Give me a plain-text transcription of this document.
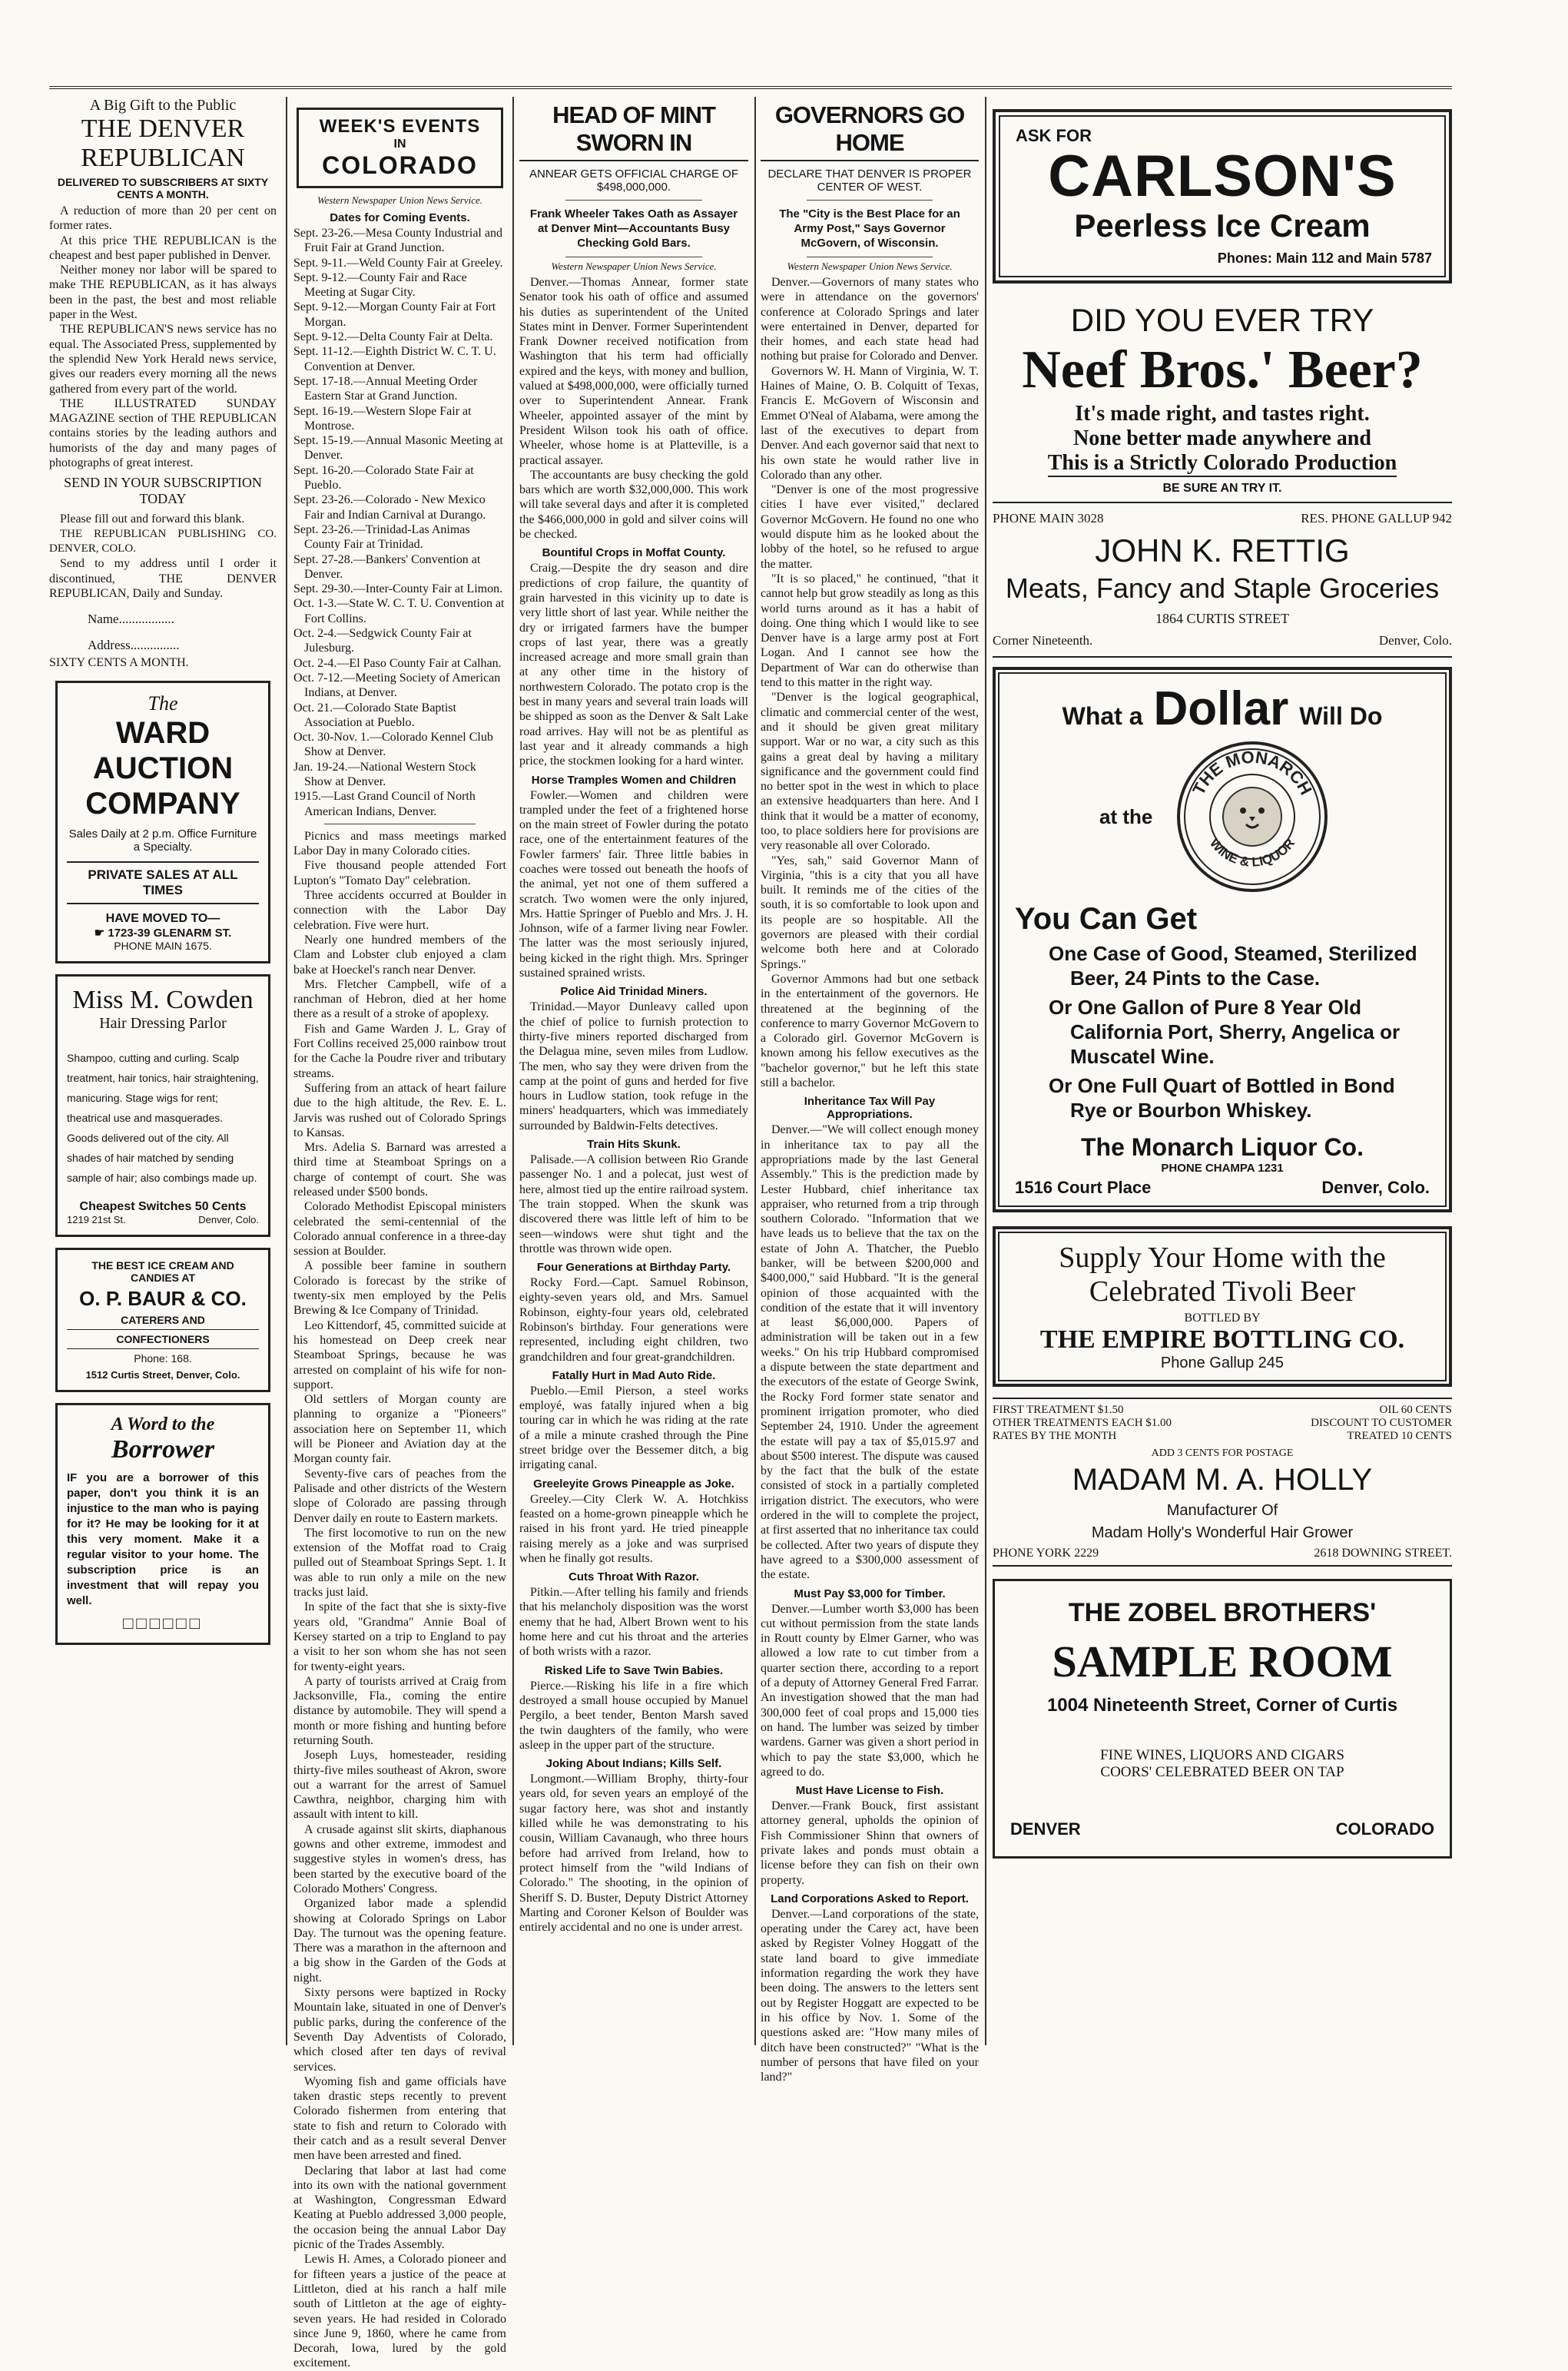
A Big Gift to the Public
THE DENVER
REPUBLICAN
DELIVERED TO SUBSCRIBERS AT SIXTY CENTS A MONTH.

A reduction of more than 20 per cent on former rates.

At this price THE REPUBLICAN is the cheapest and best paper published in Denver.

Neither money nor labor will be spared to make THE REPUBLICAN, as it has always been in the past, the best and most reliable paper in the West.

THE REPUBLICAN'S news service has no equal. The Associated Press, supplemented by the splendid New York Herald news service, gives our readers every morning all the news gathered from every part of the world.

THE ILLUSTRATED SUNDAY MAGAZINE section of THE REPUBLICAN contains stories by the leading authors and humorists of the day and many pages of photographs of great interest.

SEND IN YOUR SUBSCRIPTION TODAY

Please fill out and forward this blank.

THE REPUBLICAN PUBLISHING CO. DENVER, COLO.

Send to my address until I order it discontinued, THE DENVER REPUBLICAN, Daily and Sunday.

Name.................
Address...............
SIXTY CENTS A MONTH.
The
WARD AUCTION COMPANY
Sales Daily at 2 p.m. Office Furniture a Specialty.
PRIVATE SALES AT ALL TIMES
HAVE MOVED TO—
☛ 1723-39 GLENARM ST.
PHONE MAIN 1675.
Miss M. Cowden
Hair Dressing Parlor

Shampoo, cutting and curling. Scalp treatment, hair tonics, hair straightening, manicuring. Stage wigs for rent; theatrical use and masquerades.

Goods delivered out of the city. All shades of hair matched by sending sample of hair; also combings made up.

Cheapest Switches 50 Cents
1219 21st St.	Denver, Colo.
THE BEST ICE CREAM AND CANDIES AT
O. P. BAUR & CO.
CATERERS AND
CONFECTIONERS
Phone: 168.
1512 Curtis Street, Denver, Colo.
A Word to the
Borrower

IF you are a borrower of this paper, don't you think it is an injustice to the man who is paying for it? He may be looking for it at this very moment. Make it a regular visitor to your home. The subscription price is an investment that will repay you well.

□□□□□□
WEEK'S EVENTS
IN
COLORADO
Western Newspaper Union News Service.
Dates for Coming Events.
Sept. 23-26.—Mesa County Industrial and Fruit Fair at Grand Junction.
Sept. 9-11.—Weld County Fair at Greeley.
Sept. 9-12.—County Fair and Race Meeting at Sugar City.
Sept. 9-12.—Morgan County Fair at Fort Morgan.
Sept. 9-12.—Delta County Fair at Delta.
Sept. 11-12.—Eighth District W. C. T. U. Convention at Denver.
Sept. 17-18.—Annual Meeting Order Eastern Star at Grand Junction.
Sept. 16-19.—Western Slope Fair at Montrose.
Sept. 15-19.—Annual Masonic Meeting at Denver.
Sept. 16-20.—Colorado State Fair at Pueblo.
Sept. 23-26.—Colorado - New Mexico Fair and Indian Carnival at Durango.
Sept. 23-26.—Trinidad-Las Animas County Fair at Trinidad.
Sept. 27-28.—Bankers' Convention at Denver.
Sept. 29-30.—Inter-County Fair at Limon.
Oct. 1-3.—State W. C. T. U. Convention at Fort Collins.
Oct. 2-4.—Sedgwick County Fair at Julesburg.
Oct. 2-4.—El Paso County Fair at Calhan.
Oct. 7-12.—Meeting Society of American Indians, at Denver.
Oct. 21.—Colorado State Baptist Association at Pueblo.
Oct. 30-Nov. 1.—Colorado Kennel Club Show at Denver.
Jan. 19-24.—National Western Stock Show at Denver.
1915.—Last Grand Council of North American Indians, Denver.

Picnics and mass meetings marked Labor Day in many Colorado cities.

Five thousand people attended Fort Lupton's "Tomato Day" celebration.

Three accidents occurred at Boulder in connection with the Labor Day celebration. Five were hurt.

Nearly one hundred members of the Clam and Lobster club enjoyed a clam bake at Hoeckel's ranch near Denver.

Mrs. Fletcher Campbell, wife of a ranchman of Hebron, died at her home there as a result of a stroke of apoplexy.

Fish and Game Warden J. L. Gray of Fort Collins received 25,000 rainbow trout for the Cache la Poudre river and tributary streams.

Suffering from an attack of heart failure due to the high altitude, the Rev. E. L. Jarvis was rushed out of Colorado Springs to Kansas.

Mrs. Adelia S. Barnard was arrested a third time at Steamboat Springs on a charge of contempt of court. She was released under $500 bonds.

Colorado Methodist Episcopal ministers celebrated the semi-centennial of the Colorado annual conference in a three-day session at Boulder.

A possible beer famine in southern Colorado is forecast by the strike of twenty-six men employed by the Pelis Brewing & Ice Company of Trinidad.

Leo Kittendorf, 45, committed suicide at his homestead on Deep creek near Steamboat Springs, because he was arrested on complaint of his wife for non-support.

Old settlers of Morgan county are planning to organize a "Pioneers" association here on September 11, which will be Pioneer and Aviation day at the Morgan county fair.

Seventy-five cars of peaches from the Palisade and other districts of the Western slope of Colorado are passing through Denver daily en route to Eastern markets.

The first locomotive to run on the new extension of the Moffat road to Craig pulled out of Steamboat Springs Sept. 1. It was able to run only a mile on the new tracks just laid.

In spite of the fact that she is sixty-five years old, "Grandma" Annie Boal of Kersey started on a trip to England to pay a visit to her son whom she has not seen for twenty-eight years.

A party of tourists arrived at Craig from Jacksonville, Fla., coming the entire distance by automobile. They will spend a month or more fishing and hunting before returning South.

Joseph Luys, homesteader, residing thirty-five miles southeast of Akron, swore out a warrant for the arrest of Samuel Cawthra, neighbor, charging him with assault with intent to kill.

A crusade against slit skirts, diaphanous gowns and other extreme, immodest and suggestive styles in women's dress, has been started by the executive board of the Colorado Mothers' Congress.

Organized labor made a splendid showing at Colorado Springs on Labor Day. The turnout was the opening feature. There was a marathon in the afternoon and a big show in the Garden of the Gods at night.

Sixty persons were baptized in Rocky Mountain lake, situated in one of Denver's public parks, during the conference of the Seventh Day Adventists of Colorado, which closed after ten days of revival services.

Wyoming fish and game officials have taken drastic steps recently to prevent Colorado fishermen from entering that state to fish and return to Colorado with their catch and as a result several Denver men have been arrested and fined.

Declaring that labor at last had come into its own with the national government at Washington, Congressman Edward Keating at Pueblo addressed 3,000 people, the occasion being the annual Labor Day picnic of the Trades Assembly.

Lewis H. Ames, a Colorado pioneer and for fifteen years a justice of the peace at Littleton, died at his ranch a half mile south of Littleton at the age of eighty-seven years. He had resided in Colorado since June 9, 1860, where he came from Decorah, Iowa, lured by the gold excitement.

HEAD OF MINT SWORN IN
ANNEAR GETS OFFICIAL CHARGE OF $498,000,000.
Frank Wheeler Takes Oath as Assayer at Denver Mint—Accountants Busy Checking Gold Bars.
Western Newspaper Union News Service.

Denver.—Thomas Annear, former state Senator took his oath of office and assumed his duties as superintendent of the United States mint in Denver. Former Superintendent Frank Downer received notification from Washington that his term had officially expired and the keys, with money and bullion, valued at $498,000,000, were officially turned over to Superintendent Annear. Frank Wheeler, appointed assayer of the mint by President Wilson took his oath of office. Wheeler, whose home is at Platteville, is a practical assayer.

The accountants are busy checking the gold bars which are worth $32,000,000. This work will take several days and after it is completed the $466,000,000 in gold and silver coins will be checked.

Bountiful Crops in Moffat County.

Craig.—Despite the dry season and dire predictions of crop failure, the quantity of grain harvested in this vicinity up to date is very little short of last year. While neither the dry or irrigated farmers have the bumper crops of last year, there was a greatly increased acreage and more small grain than at any other time in the history of northwestern Colorado. The potato crop is the best in many years and several train loads will be shipped as soon as the Denver & Salt Lake road arrives. Hay will not be as plentiful as last year and it already commands a high price, the stockmen looking for a hard winter.

Horse Tramples Women and Children

Fowler.—Women and children were trampled under the feet of a frightened horse on the main street of Fowler during the potato race, one of the entertainment features of the Fowler farmers' fair. Three little babies in coaches were tossed out beneath the hoofs of the animal, yet not one of them suffered a scratch. Two women were the only injured, Mrs. Hattie Springer of Pueblo and Mrs. J. H. Johnson, wife of a farmer living near Fowler. The latter was the most seriously injured, being kicked in the right thigh. Mrs. Springer sustained sprained wrists.

Police Aid Trinidad Miners.

Trinidad.—Mayor Dunleavy called upon the chief of police to furnish protection to thirty-five miners reported discharged from the Delagua mine, seven miles from Ludlow. The men, who say they were driven from the camp at the point of guns and herded for five hours in Ludlow station, took refuge in the miners' headquarters, which was immediately surrounded by Baldwin-Felts detectives.

Train Hits Skunk.

Palisade.—A collision between Rio Grande passenger No. 1 and a polecat, just west of here, almost tied up the entire railroad system. The train stopped. When the skunk was discovered there was little left of him to be seen—windows were shut tight and the throttle was thrown wide open.

Four Generations at Birthday Party.

Rocky Ford.—Capt. Samuel Robinson, eighty-seven years old, and Mrs. Samuel Robinson, eighty-four years old, celebrated Robinson's birthday. Four generations were represented, including eight children, two grandchildren and four great-grandchildren.

Fatally Hurt in Mad Auto Ride.

Pueblo.—Emil Pierson, a steel works employé, was fatally injured when a big touring car in which he was riding at the rate of a mile a minute crashed through the Pine street bridge over the Bessemer ditch, a big irrigating canal.

Greeleyite Grows Pineapple as Joke.

Greeley.—City Clerk W. A. Hotchkiss feasted on a home-grown pineapple which he raised in his front yard. He tried pineapple raising merely as a joke and was surprised when he finally got results.

Cuts Throat With Razor.

Pitkin.—After telling his family and friends that his melancholy disposition was the worst enemy that he had, Albert Brown went to his home here and cut his throat and the arteries of both wrists with a razor.

Risked Life to Save Twin Babies.

Pierce.—Risking his life in a fire which destroyed a small house occupied by Manuel Pergilo, a beet tender, Benton Marsh saved the twin daughters of the family, who were asleep in the upper part of the structure.

Joking About Indians; Kills Self.

Longmont.—William Brophy, thirty-four years old, for seven years an employé of the sugar factory here, was shot and instantly killed while he was demonstrating to his cousin, William Cavanaugh, who three hours before had arrived from Ireland, how to protect himself from the "wild Indians of Colorado." The shooting, in the opinion of Sheriff S. D. Buster, Deputy District Attorney Marting and Coroner Kelson of Boulder was entirely accidental and no one is under arrest.

GOVERNORS GO HOME
DECLARE THAT DENVER IS PROPER CENTER OF WEST.
The "City is the Best Place for an Army Post," Says Governor McGovern, of Wisconsin.
Western Newspaper Union News Service.

Denver.—Governors of many states who were in attendance on the governors' conference at Colorado Springs and later were entertained in Denver, departed for their homes, and each state head had nothing but praise for Colorado and Denver.

Governors W. H. Mann of Virginia, W. T. Haines of Maine, O. B. Colquitt of Texas, Francis E. McGovern of Wisconsin and Emmet O'Neal of Alabama, were among the last of the executives to depart from Denver. And each governor said that next to his own state he would rather live in Colorado than any other.

"Denver is one of the most progressive cities I have ever visited," declared Governor McGovern. He found no one who would dispute him as he looked about the lobby of the hotel, so he refused to argue the matter.

"It is so placed," he continued, "that it cannot help but grow steadily as long as this world turns around as it has a habit of doing. One thing which I would like to see Denver have is a large army post at Fort Logan. And I cannot see how the Department of War can do otherwise than tend to this matter in the right way.

"Denver is the logical geographical, climatic and commercial center of the west, and it should be given great military support. War or no war, a city such as this gains a great deal by having a military significance and the government could find no better spot in the west in which to place an extensive headquarters than here. And I think that it would be a matter of economy, too, to place soldiers here for provisions are very reasonable all over Colorado.

"Yes, sah," said Governor Mann of Virginia, "this is a city that you all have built. It reminds me of the cities of the south, it is so comfortable to look upon and its people are so hospitable. All the governors are pleased with their cordial welcome both here and at Colorado Springs."

Governor Ammons had but one setback in the entertainment of the governors. He threatened at the beginning of the conference to marry Governor McGovern to a Colorado girl. Governor McGovern is known among his fellow executives as the "bachelor governor," but he left this state still a bachelor.

Inheritance Tax Will Pay Appropriations.

Denver.—"We will collect enough money in inheritance tax to pay all the appropriations made by the last General Assembly." This is the prediction made by Lester Hubbard, chief inheritance tax appraiser, who returned from a trip through southern Colorado. "Information that we have leads us to believe that the tax on the estate of John A. Thatcher, the Pueblo banker, will be between $200,000 and $400,000," said Hubbard. "It is the general opinion of those acquainted with the condition of the estate that it will inventory at least $6,000,000. Papers of administration will be taken out in a few weeks." On his trip Hubbard compromised a dispute between the state department and the executors of the estate of George Swink, the Rocky Ford former state senator and prominent irrigation promoter, who died September 24, 1910. Under the agreement the estate will pay a tax of $5,015.97 and about $500 interest. The dispute was caused by the fact that the bulk of the estate consisted of stock in a partially completed irrigation district. The executors, who were ordered in the will to complete the project, at first asserted that no inheritance tax could be collected. After two years of dispute they have agreed to a $300,000 assessment of the estate.

Must Pay $3,000 for Timber.

Denver.—Lumber worth $3,000 has been cut without permission from the state lands in Routt county by Elmer Garner, who was allowed a low rate to cut timber from a quarter section there, according to a report of a deputy of Attorney General Fred Farrar. An investigation showed that the man had 300,000 feet of coal props and 15,000 ties on hand. The lumber was seized by timber wardens. Garner was given a short period in which to pay the state $3,000, which he agreed to do.

Must Have License to Fish.

Denver.—Frank Bouck, first assistant attorney general, upholds the opinion of Fish Commissioner Shinn that owners of private lakes and ponds must obtain a license before they can fish on their own property.

Land Corporations Asked to Report.

Denver.—Land corporations of the state, operating under the Carey act, have been asked by Register Volney Hoggatt of the state land board to give immediate information regarding the work they have been doing. The answers to the letters sent out by Register Hoggatt are expected to be in his office by Nov. 1. Some of the questions asked are: "How many miles of ditch have been constructed?" "What is the number of persons that have filed on your land?"

ASK FOR
CARLSON'S
Peerless Ice Cream
Phones: Main 112 and Main 5787
DID YOU EVER TRY
Neef Bros.' Beer?
It's made right, and tastes right.
None better made anywhere and
This is a Strictly Colorado Production
BE SURE AN TRY IT.
PHONE MAIN 3028	RES. PHONE GALLUP 942
JOHN K. RETTIG
Meats, Fancy and Staple Groceries
1864 CURTIS STREET
Corner Nineteenth.	Denver, Colo.
What a Dollar Will Do
at the
THE MONARCH
WINE & LIQUOR
You Can Get
One Case of Good, Steamed, Sterilized Beer, 24 Pints to the Case.
Or One Gallon of Pure 8 Year Old California Port, Sherry, Angelica or Muscatel Wine.
Or One Full Quart of Bottled in Bond Rye or Bourbon Whiskey.
The Monarch Liquor Co.
PHONE CHAMPA 1231
1516 Court Place	Denver, Colo.
Supply Your Home with the
Celebrated Tivoli Beer
BOTTLED BY
THE EMPIRE BOTTLING CO.
Phone Gallup 245
FIRST TREATMENT $1.50	OIL 60 CENTS
OTHER TREATMENTS EACH $1.00	DISCOUNT TO CUSTOMER
RATES BY THE MONTH	TREATED 10 CENTS
ADD 3 CENTS FOR POSTAGE
MADAM M. A. HOLLY
Manufacturer Of
Madam Holly's Wonderful Hair Grower
PHONE YORK 2229	2618 DOWNING STREET.
THE ZOBEL BROTHERS'
SAMPLE ROOM
1004 Nineteenth Street, Corner of Curtis
FINE WINES, LIQUORS AND CIGARS
COORS' CELEBRATED BEER ON TAP
DENVER	COLORADO
